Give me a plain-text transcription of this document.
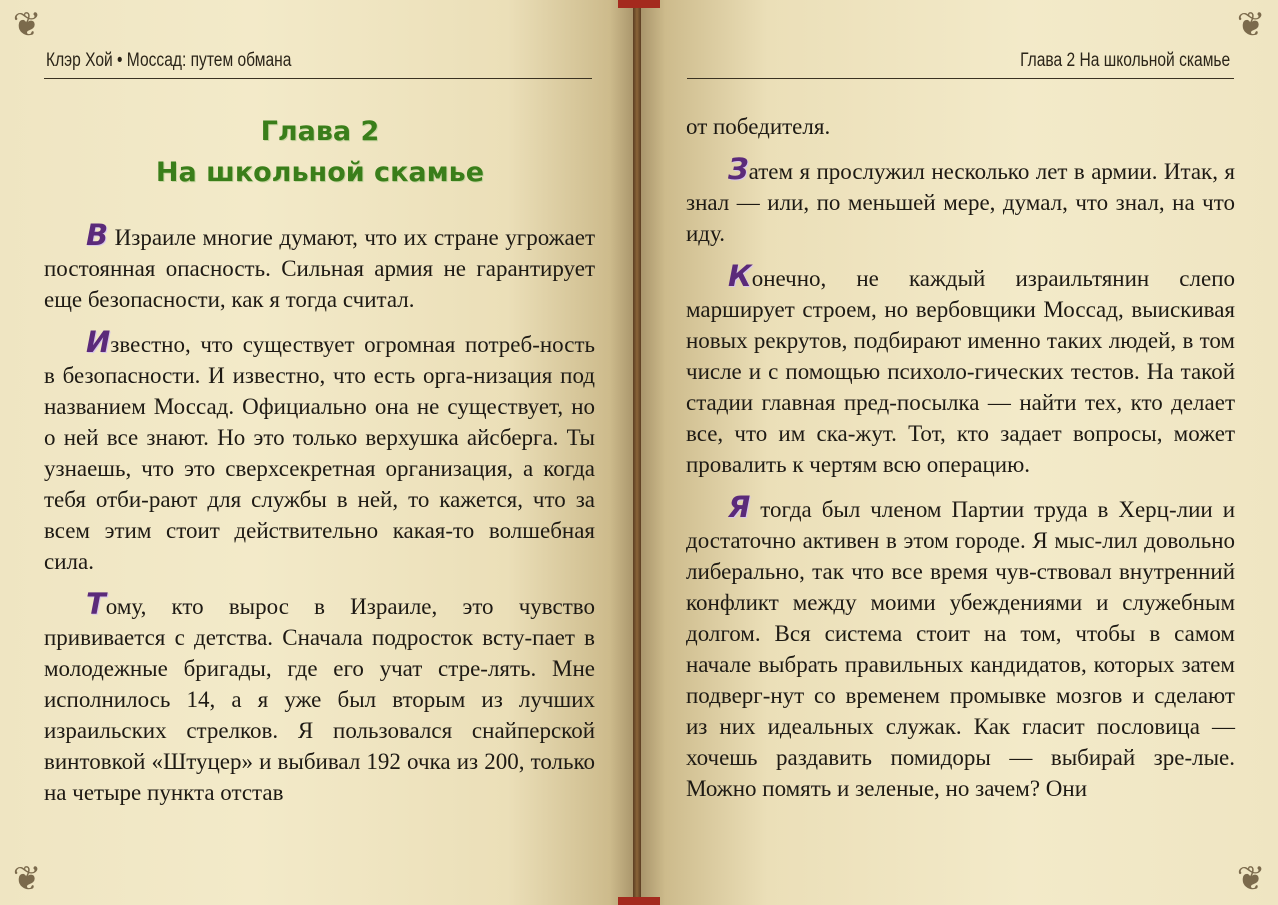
❦
❦
Клэр Хой • Моссад: путем обмана
Глава 2
На школьной скамье

В Израиле многие думают, что их стране угрожает постоянная опасность. Сильная армия не гарантирует еще безопасности, как я тогда считал.

Известно, что существует огромная потреб-ность в безопасности. И известно, что есть орга-низация под названием Моссад. Официально она не существует, но о ней все знают. Но это только верхушка айсберга. Ты узнаешь, что это сверхсекретная организация, а когда тебя отби-рают для службы в ней, то кажется, что за всем этим стоит действительно какая-то волшебная сила.

Тому, кто вырос в Израиле, это чувство прививается с детства. Сначала подросток всту-пает в молодежные бригады, где его учат стре-лять. Мне исполнилось 14, а я уже был вторым из лучших израильских стрелков. Я пользовался снайперской винтовкой «Штуцер» и выбивал 192 очка из 200, только на четыре пункта отстав

❦
❦
Глава 2 На школьной скамье

от победителя.

Затем я прослужил несколько лет в армии. Итак, я знал — или, по меньшей мере, думал, что знал, на что иду.

Конечно, не каждый израильтянин слепо марширует строем, но вербовщики Моссад, выискивая новых рекрутов, подбирают именно таких людей, в том числе и с помощью психоло-гических тестов. На такой стадии главная пред-посылка — найти тех, кто делает все, что им ска-жут. Тот, кто задает вопросы, может провалить к чертям всю операцию.

Я тогда был членом Партии труда в Херц-лии и достаточно активен в этом городе. Я мыс-лил довольно либерально, так что все время чув-ствовал внутренний конфликт между моими убеждениями и служебным долгом. Вся система стоит на том, чтобы в самом начале выбрать правильных кандидатов, которых затем подверг-нут со временем промывке мозгов и сделают из них идеальных служак. Как гласит пословица — хочешь раздавить помидоры — выбирай зре-лые. Можно помять и зеленые, но зачем? Они
